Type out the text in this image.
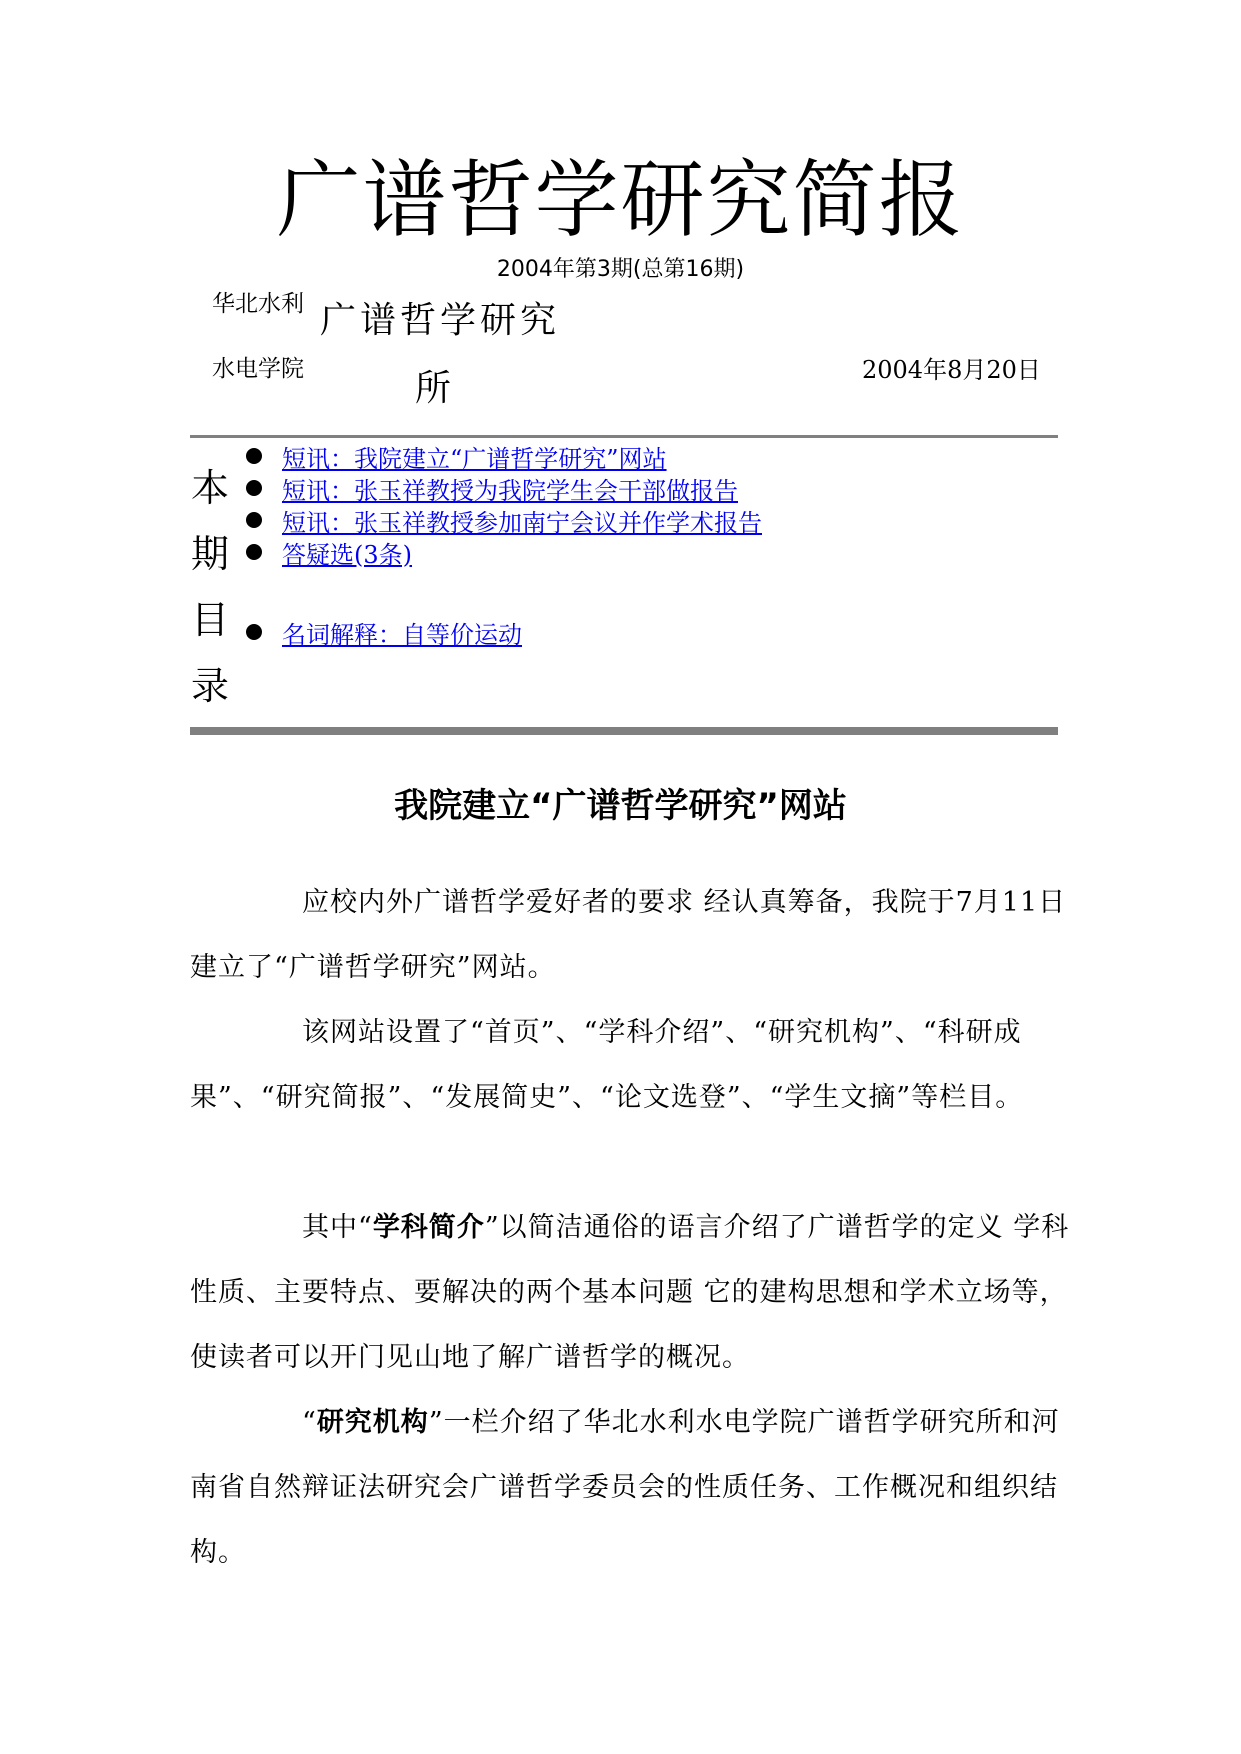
广谱哲学研究简报
2004年第3期(总第16期)
华北水利
水电学院
广谱哲学研究
所	2004年8月20日
本
期
目
录
短讯：我院建立“广谱哲学研究”网站
短讯：张玉祥教授为我院学生会干部做报告
短讯：张玉祥教授参加南宁会议并作学术报告
答疑选(3条)
名词解释：自等价运动
我院建立“广谱哲学研究”网站

应校内外广谱哲学爱好者的要求 经认真筹备，我院于7月11日建立了“广谱哲学研究”网站。

该网站设置了“首页”、“学科介绍”、“研究机构”、“科研成果”、“研究简报”、“发展简史”、“论文选登”、“学生文摘”等栏目。

其中“学科简介”以简洁通俗的语言介绍了广谱哲学的定义 学科性质、主要特点、要解决的两个基本问题 它的建构思想和学术立场等，使读者可以开门见山地了解广谱哲学的概况。

“研究机构”一栏介绍了华北水利水电学院广谱哲学研究所和河南省自然辩证法研究会广谱哲学委员会的性质任务、工作概况和组织结构。
